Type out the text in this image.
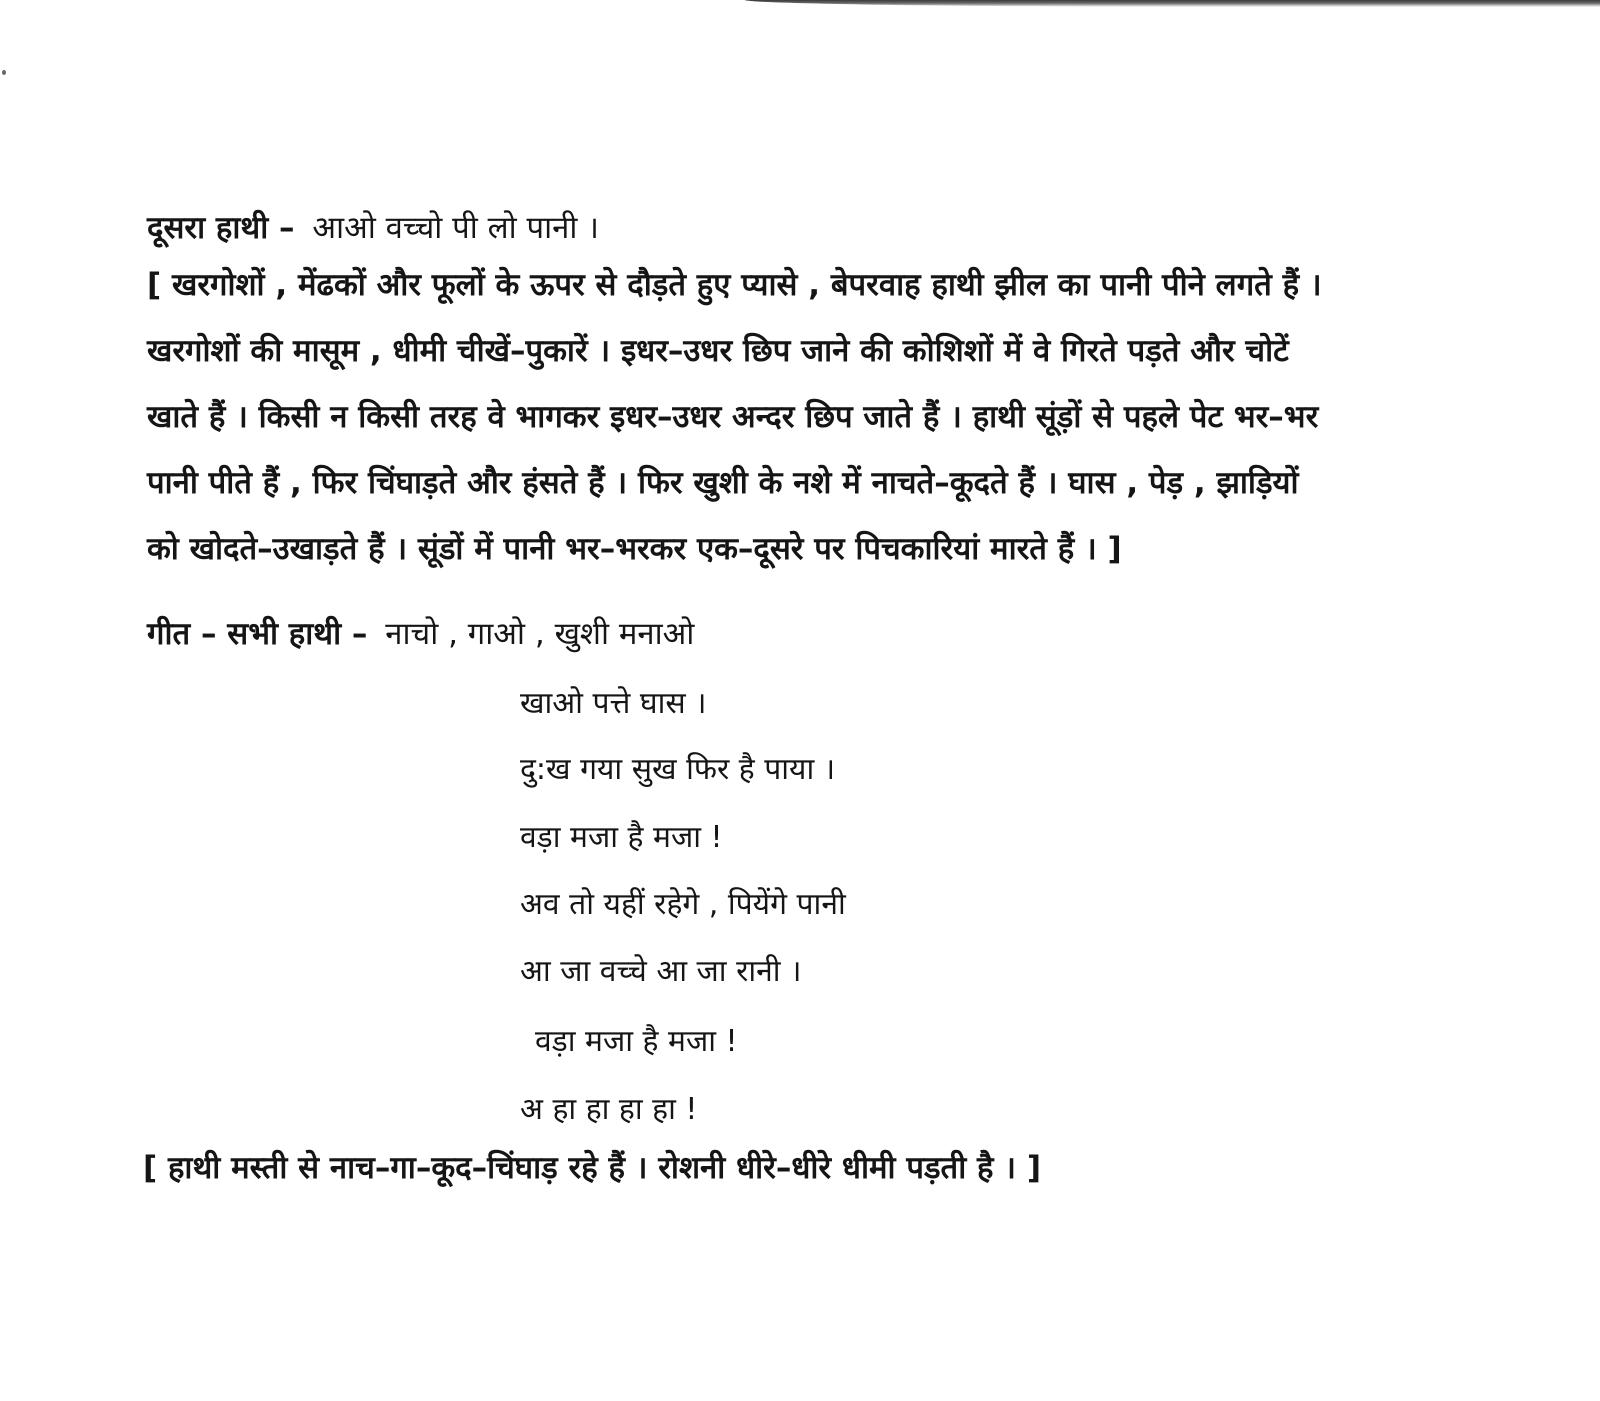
दूसरा हाथी – आओ वच्चो पी लो पानी ।
[ खरगोशों , मेंढकों और फूलों के ऊपर से दौड़ते हुए प्यासे , बेपरवाह हाथी झील का पानी पीने लगते हैं ।
खरगोशों की मासूम , धीमी चीखें–पुकारें । इधर–उधर छिप जाने की कोशिशों में वे गिरते पड़ते और चोटें
खाते हैं । किसी न किसी तरह वे भागकर इधर–उधर अन्दर छिप जाते हैं । हाथी सूंड़ों से पहले पेट भर–भर
पानी पीते हैं , फिर चिंघाड़ते और हंसते हैं । फिर खुशी के नशे में नाचते–कूदते हैं । घास , पेड़ , झाड़ियों
को खोदते–उखाड़ते हैं । सूंडों में पानी भर–भरकर एक–दूसरे पर पिचकारियां मारते हैं । ]
गीत – सभी हाथी – नाचो , गाओ , खुशी मनाओ
खाओ पत्ते घास ।
दु:ख गया सुख फिर है पाया ।
वड़ा मजा है मजा !
अव तो यहीं रहेगे , पियेंगे पानी
आ जा वच्चे आ जा रानी ।
वड़ा मजा है मजा !
अ हा हा हा हा !
[ हाथी मस्ती से नाच–गा–कूद–चिंघाड़ रहे हैं । रोशनी धीरे–धीरे धीमी पड़ती है । ]
